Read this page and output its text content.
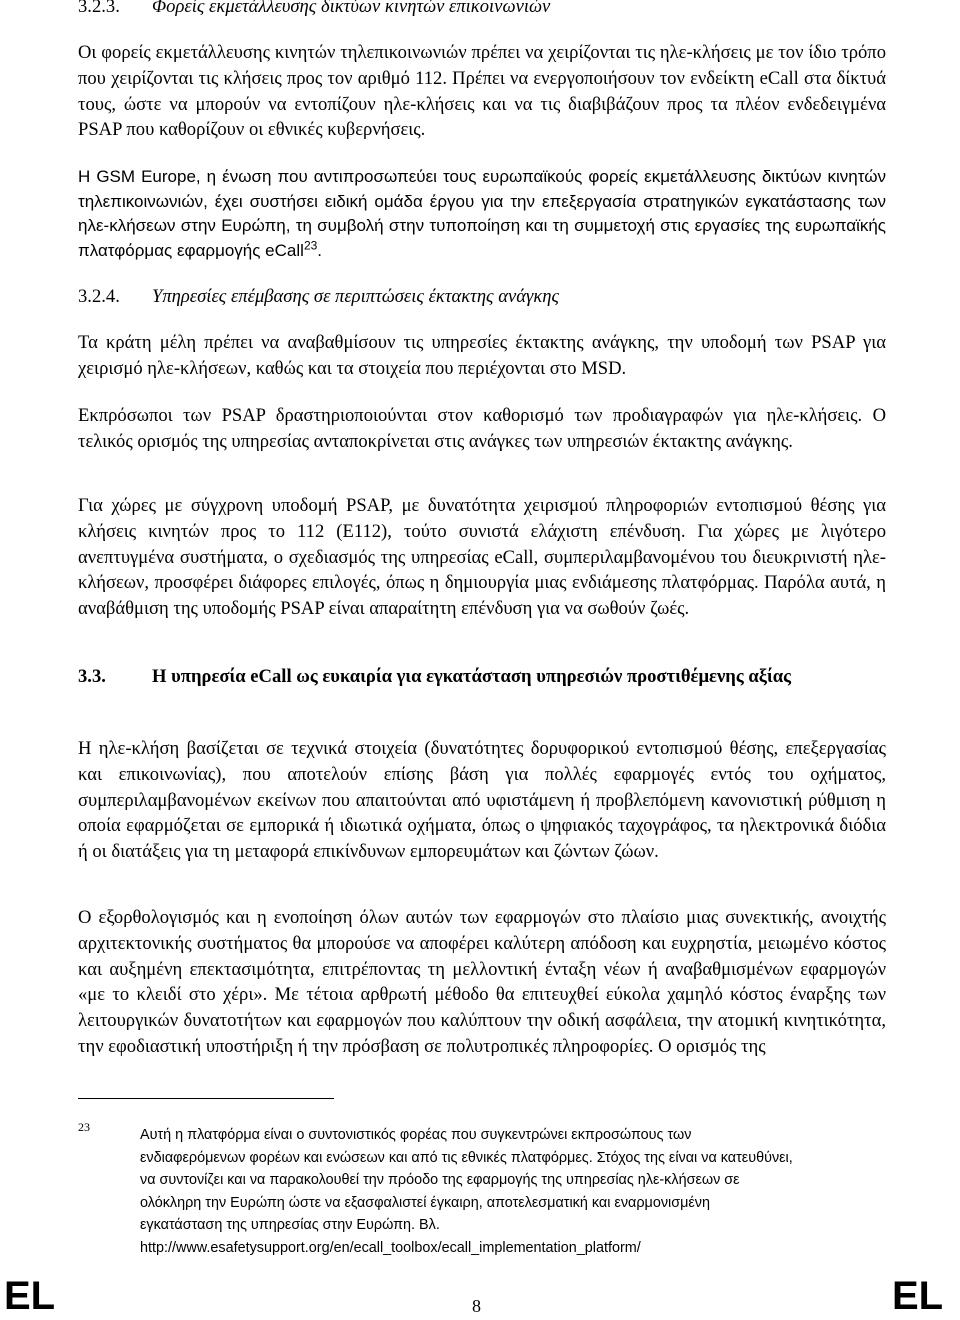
3.2.3. Φορείς εκμετάλλευσης δικτύων κινητών επικοινωνιών

Οι φορείς εκμετάλλευσης κινητών τηλεπικοινωνιών πρέπει να χειρίζονται τις ηλε-κλήσεις με τον ίδιο τρόπο που χειρίζονται τις κλήσεις προς τον αριθμό 112. Πρέπει να ενεργοποιήσουν τον ενδείκτη eCall στα δίκτυά τους, ώστε να μπορούν να εντοπίζουν ηλε-κλήσεις και να τις διαβιβάζουν προς τα πλέον ενδεδειγμένα PSAP που καθορίζουν οι εθνικές κυβερνήσεις.

Η GSM Europe, η ένωση που αντιπροσωπεύει τους ευρωπαϊκούς φορείς εκμετάλλευσης δικτύων κινητών τηλεπικοινωνιών, έχει συστήσει ειδική ομάδα έργου για την επεξεργασία στρατηγικών εγκατάστασης των ηλε-κλήσεων στην Ευρώπη, τη συμβολή στην τυποποίηση και τη συμμετοχή στις εργασίες της ευρωπαϊκής πλατφόρμας εφαρμογής eCall$^{23}$.

3.2.4. Υπηρεσίες επέμβασης σε περιπτώσεις έκτακτης ανάγκης

Τα κράτη μέλη πρέπει να αναβαθμίσουν τις υπηρεσίες έκτακτης ανάγκης, την υποδομή των PSAP για χειρισμό ηλε-κλήσεων, καθώς και τα στοιχεία που περιέχονται στο MSD.

Εκπρόσωποι των PSAP δραστηριοποιούνται στον καθορισμό των προδιαγραφών για ηλε-κλήσεις. Ο τελικός ορισμός της υπηρεσίας ανταποκρίνεται στις ανάγκες των υπηρεσιών έκτακτης ανάγκης.

Για χώρες με σύγχρονη υποδομή PSAP, με δυνατότητα χειρισμού πληροφοριών εντοπισμού θέσης για κλήσεις κινητών προς το 112 (Ε112), τούτο συνιστά ελάχιστη επένδυση. Για χώρες με λιγότερο ανεπτυγμένα συστήματα, ο σχεδιασμός της υπηρεσίας eCall, συμπεριλαμβανομένου του διευκρινιστή ηλε-κλήσεων, προσφέρει διάφορες επιλογές, όπως η δημιουργία μιας ενδιάμεσης πλατφόρμας. Παρόλα αυτά, η αναβάθμιση της υποδομής PSAP είναι απαραίτητη επένδυση για να σωθούν ζωές.

3.3. Η υπηρεσία eCall ως ευκαιρία για εγκατάσταση υπηρεσιών προστιθέμενης αξίας

Η ηλε-κλήση βασίζεται σε τεχνικά στοιχεία (δυνατότητες δορυφορικού εντοπισμού θέσης, επεξεργασίας και επικοινωνίας), που αποτελούν επίσης βάση για πολλές εφαρμογές εντός του οχήματος, συμπεριλαμβανομένων εκείνων που απαιτούνται από υφιστάμενη ή προβλεπόμενη κανονιστική ρύθμιση η οποία εφαρμόζεται σε εμπορικά ή ιδιωτικά οχήματα, όπως ο ψηφιακός ταχογράφος, τα ηλεκτρονικά διόδια ή οι διατάξεις για τη μεταφορά επικίνδυνων εμπορευμάτων και ζώντων ζώων.

Ο εξορθολογισμός και η ενοποίηση όλων αυτών των εφαρμογών στο πλαίσιο μιας συνεκτικής, ανοιχτής αρχιτεκτονικής συστήματος θα μπορούσε να αποφέρει καλύτερη απόδοση και ευχρηστία, μειωμένο κόστος και αυξημένη επεκτασιμότητα, επιτρέποντας τη μελλοντική ένταξη νέων ή αναβαθμισμένων εφαρμογών «με το κλειδί στο χέρι». Με τέτοια αρθρωτή μέθοδο θα επιτευχθεί εύκολα χαμηλό κόστος έναρξης των λειτουργικών δυνατοτήτων και εφαρμογών που καλύπτουν την οδική ασφάλεια, την ατομική κινητικότητα, την εφοδιαστική υποστήριξη ή την πρόσβαση σε πολυτροπικές πληροφορίες. Ο ορισμός της

23	Αυτή η πλατφόρμα είναι ο συντονιστικός φορέας που συγκεντρώνει εκπροσώπους των
ενδιαφερόμενων φορέων και ενώσεων και από τις εθνικές πλατφόρμες. Στόχος της είναι να κατευθύνει,
να συντονίζει και να παρακολουθεί την πρόοδο της εφαρμογής της υπηρεσίας ηλε-κλήσεων σε
ολόκληρη την Ευρώπη ώστε να εξασφαλιστεί έγκαιρη, αποτελεσματική και εναρμονισμένη
εγκατάσταση της υπηρεσίας στην Ευρώπη. Βλ.
http://www.esafetysupport.org/en/ecall_toolbox/ecall_implementation_platform/
EL	8	EL
